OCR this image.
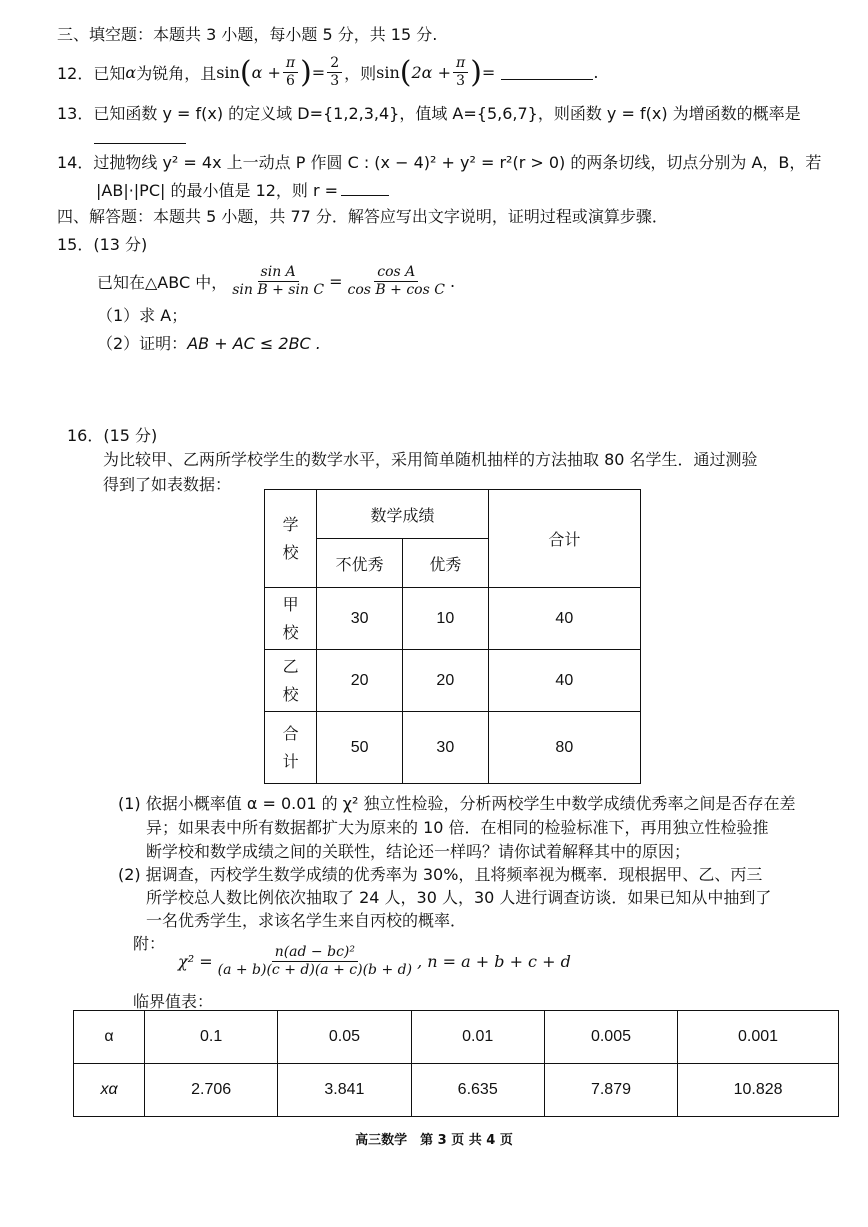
三、填空题：本题共 3 小题，每小题 5 分，共 15 分.
12． 已知 α 为锐角，且 sin ( $\alpha + \frac{\pi}{6}$ ) = $\frac{2}{3}$ ，则 sin ( $2\alpha + \frac{\pi}{3}$ ) =	.
13．已知函数 y = f(x) 的定义域 D={1,2,3,4}，值域 A={5,6,7}，则函数 y = f(x) 为增函数的概率是
14．过抛物线 y² = 4x 上一动点 P 作圆 C : (x − 4)² + y² = r²(r > 0) 的两条切线，切点分别为 A，B，若
|AB|·|PC| 的最小值是 12，则 r =
四、解答题：本题共 5 小题，共 77 分．解答应写出文字说明，证明过程或演算步骤．
15．(13 分)
已知在△ABC 中， $\frac{\text{sin A}}{\text{sin B + sin C}} = \frac{\text{cos A}}{\text{cos B + cos C}}$ .
（1）求 A；
（2）证明：AB + AC ≤ 2BC .
16．(15 分)
为比较甲、乙两所学校学生的数学水平，采用简单随机抽样的方法抽取 80 名学生．通过测验
得到了如表数据：
学
校	数学成绩		合计
	不优秀	优秀	

甲
校	30	10	40

乙
校	20	20	40

合
计	50	30	80
(1) 依据小概率值 α = 0.01 的 χ² 独立性检验，分析两校学生中数学成绩优秀率之间是否存在差
异；如果表中所有数据都扩大为原来的 10 倍．在相同的检验标准下，再用独立性检验推
断学校和数学成绩之间的关联性，结论还一样吗？请你试着解释其中的原因；
(2) 据调查，丙校学生数学成绩的优秀率为 30%，且将频率视为概率．现根据甲、乙、丙三
所学校总人数比例依次抽取了 24 人，30 人，30 人进行调查访谈．如果已知从中抽到了
一名优秀学生，求该名学生来自丙校的概率．
附：
$\chi^2 = \frac{\text{n(ad − bc)²}}{(a + b)(c + d)(a + c)(b + d)}$ , n = a + b + c + d
临界值表：
α	0.1	0.05	0.01	0.005	0.001
xα	2.706	3.841	6.635	7.879	10.828
高三数学　第 3 页 共 4 页
